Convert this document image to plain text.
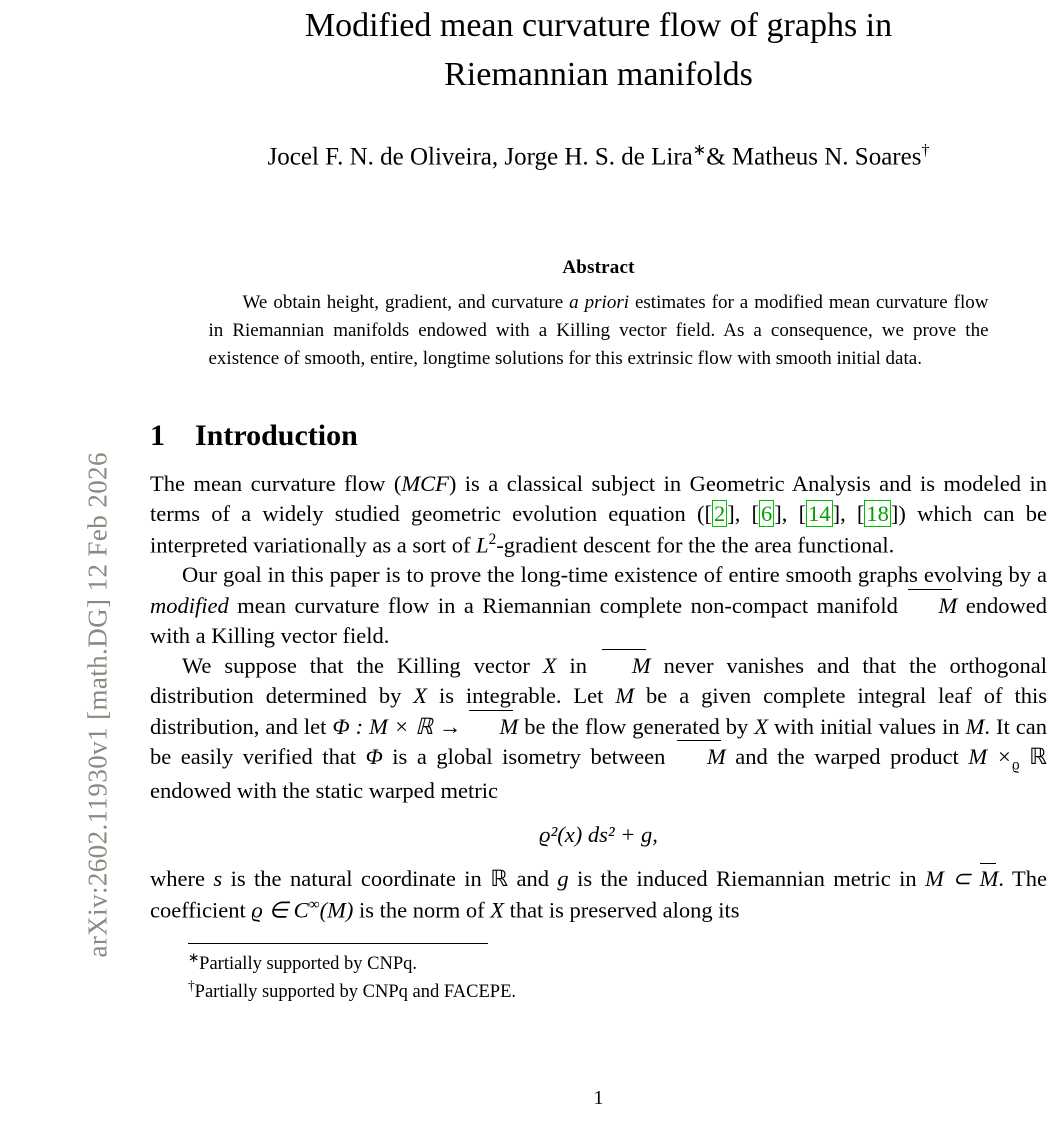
arXiv:2602.11930v1 [math.DG] 12 Feb 2026
Modified mean curvature flow of graphs in
Riemannian manifolds
Jocel F. N. de Oliveira, Jorge H. S. de Lira∗& Matheus N. Soares†
Abstract
We obtain height, gradient, and curvature a priori estimates for a modified mean curvature flow in Riemannian manifolds endowed with a Killing vector field. As a consequence, we prove the existence of smooth, entire, longtime solutions for this extrinsic flow with smooth initial data.
1 Introduction

The mean curvature flow (MCF) is a classical subject in Geometric Analysis and is modeled in terms of a widely studied geometric evolution equation ([2], [6], [14], [18]) which can be interpreted variationally as a sort of $L^2$-gradient descent for the the area functional.

Our goal in this paper is to prove the long-time existence of entire smooth graphs evolving by a modified mean curvature flow in a Riemannian complete non-compact manifold M endowed with a Killing vector field.

We suppose that the Killing vector X in M never vanishes and that the orthogonal distribution determined by X is integrable. Let M be a given complete integral leaf of this distribution, and let Φ : M × ℝ → M be the flow generated by X with initial values in M. It can be easily verified that Φ is a global isometry between M and the warped product $M \times_ϱ$ ℝ endowed with the static warped metric

ϱ²(x) ds² + g,

where s is the natural coordinate in ℝ and g is the induced Riemannian metric in M ⊂ M. The coefficient ϱ ∈ C∞(M) is the norm of X that is preserved along its

∗Partially supported by CNPq.
†Partially supported by CNPq and FACEPE.
1
